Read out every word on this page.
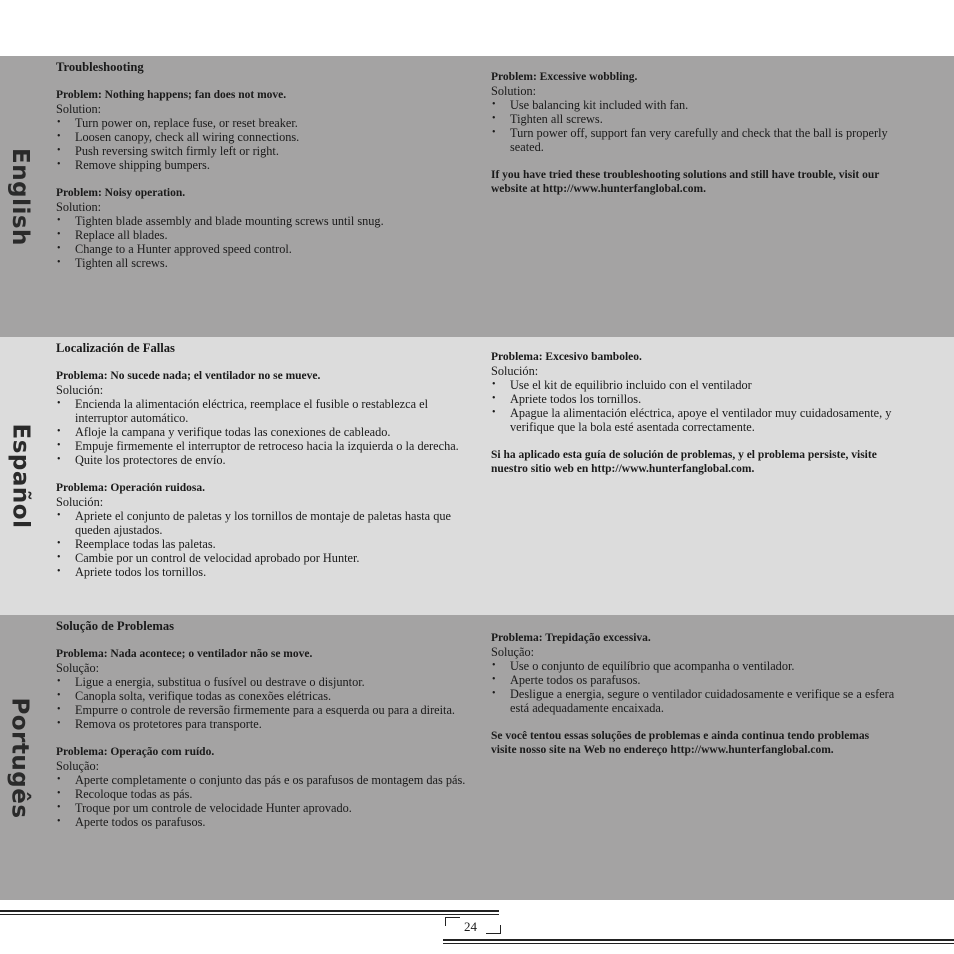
English
Troubleshooting
Problem: Nothing happens; fan does not move.
Solution:
• Turn power on, replace fuse, or reset breaker.
• Loosen canopy, check all wiring connections.
• Push reversing switch firmly left or right.
• Remove shipping bumpers.
Problem: Noisy operation.
Solution:
• Tighten blade assembly and blade mounting screws until snug.
• Replace all blades.
• Change to a Hunter approved speed control.
• Tighten all screws.
Problem: Excessive wobbling.
Solution:
• Use balancing kit included with fan.
• Tighten all screws.
• Turn power off, support fan very carefully and check that the ball is properly seated.
If you have tried these troubleshooting solutions and still have trouble, visit our website at http://www.hunterfanglobal.com.
Español
Localización de Fallas
Problema: No sucede nada; el ventilador no se mueve.
Solución:
• Encienda la alimentación eléctrica, reemplace el fusible o restablezca el interruptor automático.
• Afloje la campana y verifique todas las conexiones de cableado.
• Empuje firmemente el interruptor de retroceso hacia la izquierda o la derecha.
• Quite los protectores de envío.
Problema: Operación ruidosa.
Solución:
• Apriete el conjunto de paletas y los tornillos de montaje de paletas hasta que queden ajustados.
• Reemplace todas las paletas.
• Cambie por un control de velocidad aprobado por Hunter.
• Apriete todos los tornillos.
Problema: Excesivo bamboleo.
Solución:
• Use el kit de equilibrio incluido con el ventilador
• Apriete todos los tornillos.
• Apague la alimentación eléctrica, apoye el ventilador muy cuidadosamente, y verifique que la bola esté asentada correctamente.
Si ha aplicado esta guía de solución de problemas, y el problema persiste, visite nuestro sitio web en http://www.hunterfanglobal.com.
Portugês
Solução de Problemas
Problema: Nada acontece; o ventilador não se move.
Solução:
• Ligue a energia, substitua o fusível ou destrave o disjuntor.
• Canopla solta, verifique todas as conexões elétricas.
• Empurre o controle de reversão firmemente para a esquerda ou para a direita.
• Remova os protetores para transporte.
Problema: Operação com ruído.
Solução:
• Aperte completamente o conjunto das pás e os parafusos de montagem das pás.
• Recoloque todas as pás.
• Troque por um controle de velocidade Hunter aprovado.
• Aperte todos os parafusos.
Problema: Trepidação excessiva.
Solução:
• Use o conjunto de equilíbrio que acompanha o ventilador.
• Aperte todos os parafusos.
• Desligue a energia, segure o ventilador cuidadosamente e verifique se a esfera está adequadamente encaixada.
Se você tentou essas soluções de problemas e ainda continua tendo problemas visite nosso site na Web no endereço http://www.hunterfanglobal.com.
24
